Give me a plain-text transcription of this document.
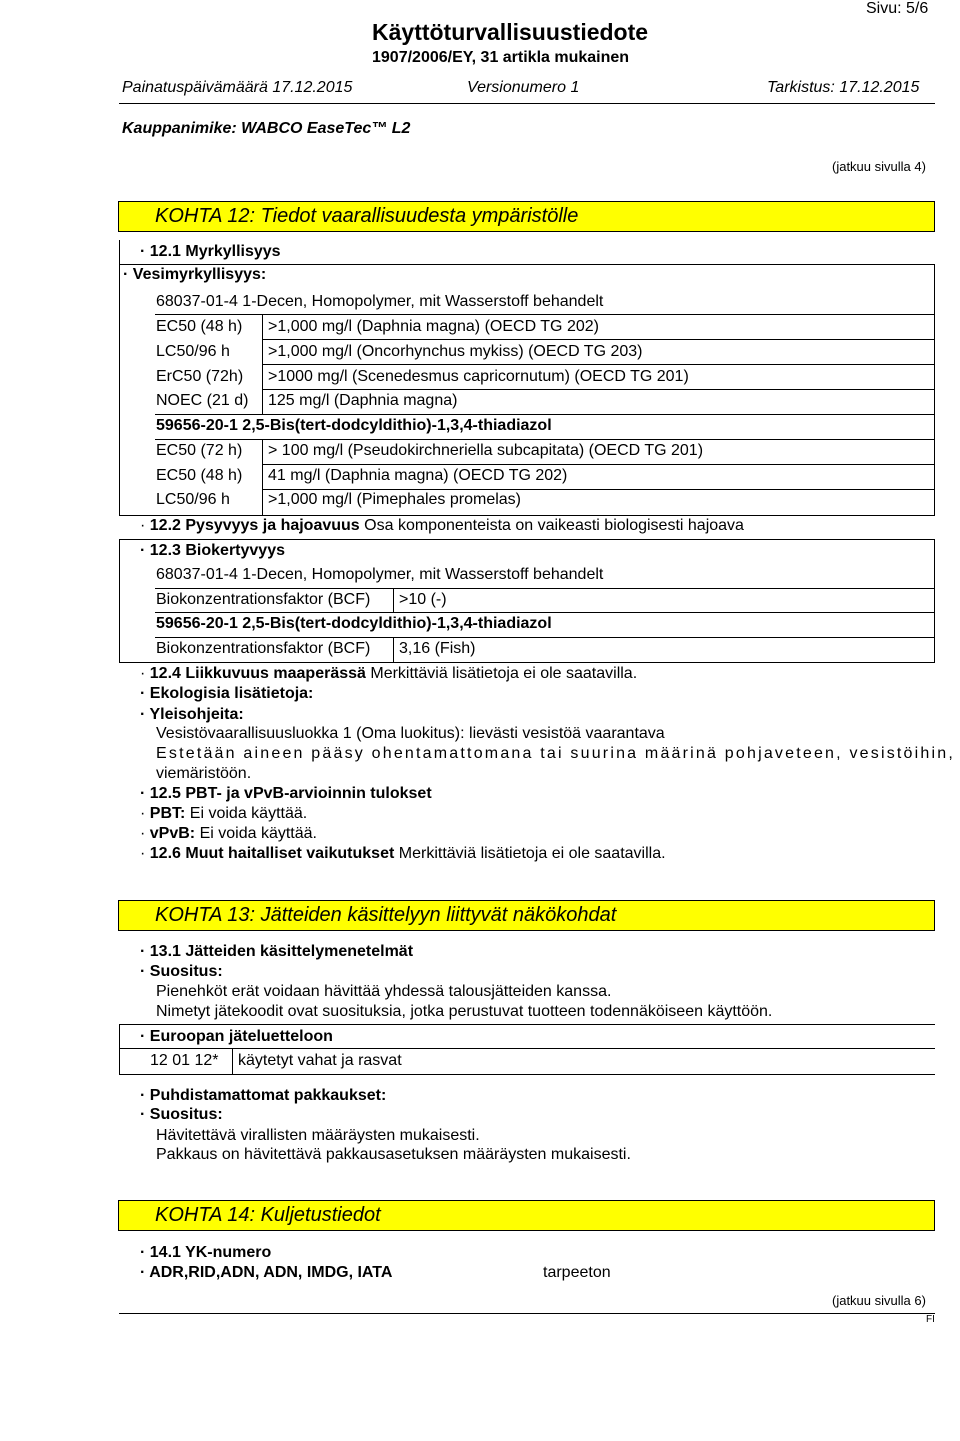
Sivu: 5/6
Käyttöturvallisuustiedote
1907/2006/EY, 31 artikla mukainen
Painatuspäivämäärä 17.12.2015	Versionumero 1	Tarkistus: 17.12.2015
Kauppanimike: WABCO EaseTec™ L2
(jatkuu sivulla 4)
KOHTA 12: Tiedot vaarallisuudesta ympäristölle
· 12.1 Myrkyllisyys
· Vesimyrkyllisyys:
68037-01-4 1-Decen, Homopolymer, mit Wasserstoff behandelt
EC50 (48 h) >1,000 mg/l (Daphnia magna) (OECD TG 202)
LC50/96 h >1,000 mg/l (Oncorhynchus mykiss) (OECD TG 203)
ErC50 (72h) >1000 mg/l (Scenedesmus capricornutum) (OECD TG 201)
NOEC (21 d) 125 mg/l (Daphnia magna)
59656-20-1 2,5-Bis(tert-dodcyldithio)-1,3,4-thiadiazol
EC50 (72 h) > 100 mg/l (Pseudokirchneriella subcapitata) (OECD TG 201)
EC50 (48 h) 41 mg/l (Daphnia magna) (OECD TG 202)
LC50/96 h >1,000 mg/l (Pimephales promelas)
· 12.2 Pysyvyys ja hajoavuus Osa komponenteista on vaikeasti biologisesti hajoava
· 12.3 Biokertyvyys
68037-01-4 1-Decen, Homopolymer, mit Wasserstoff behandelt
Biokonzentrationsfaktor (BCF) >10 (-)
59656-20-1 2,5-Bis(tert-dodcyldithio)-1,3,4-thiadiazol
Biokonzentrationsfaktor (BCF) 3,16 (Fish)
· 12.4 Liikkuvuus maaperässä Merkittäviä lisätietoja ei ole saatavilla.
· Ekologisia lisätietoja:
· Yleisohjeita:
Vesistövaarallisuusluokka 1 (Oma luokitus): lievästi vesistöä vaarantava
Estetään aineen pääsy ohentamattomana tai suurina määrinä pohjaveteen, vesistöihin,
viemäristöön.
· 12.5 PBT- ja vPvB-arvioinnin tulokset
· PBT: Ei voida käyttää.
· vPvB: Ei voida käyttää.
· 12.6 Muut haitalliset vaikutukset Merkittäviä lisätietoja ei ole saatavilla.
KOHTA 13: Jätteiden käsittelyyn liittyvät näkökohdat
· 13.1 Jätteiden käsittelymenetelmät
· Suositus:
Pienehköt erät voidaan hävittää yhdessä talousjätteiden kanssa.
Nimetyt jätekoodit ovat suosituksia, jotka perustuvat tuotteen todennäköiseen käyttöön.
· Euroopan jäteluetteloon
12 01 12* käytetyt vahat ja rasvat
· Puhdistamattomat pakkaukset:
· Suositus:
Hävitettävä virallisten määräysten mukaisesti.
Pakkaus on hävitettävä pakkausasetuksen määräysten mukaisesti.
KOHTA 14: Kuljetustiedot
· 14.1 YK-numero
· ADR,RID,ADN, ADN, IMDG, IATA	tarpeeton
(jatkuu sivulla 6)
FI
